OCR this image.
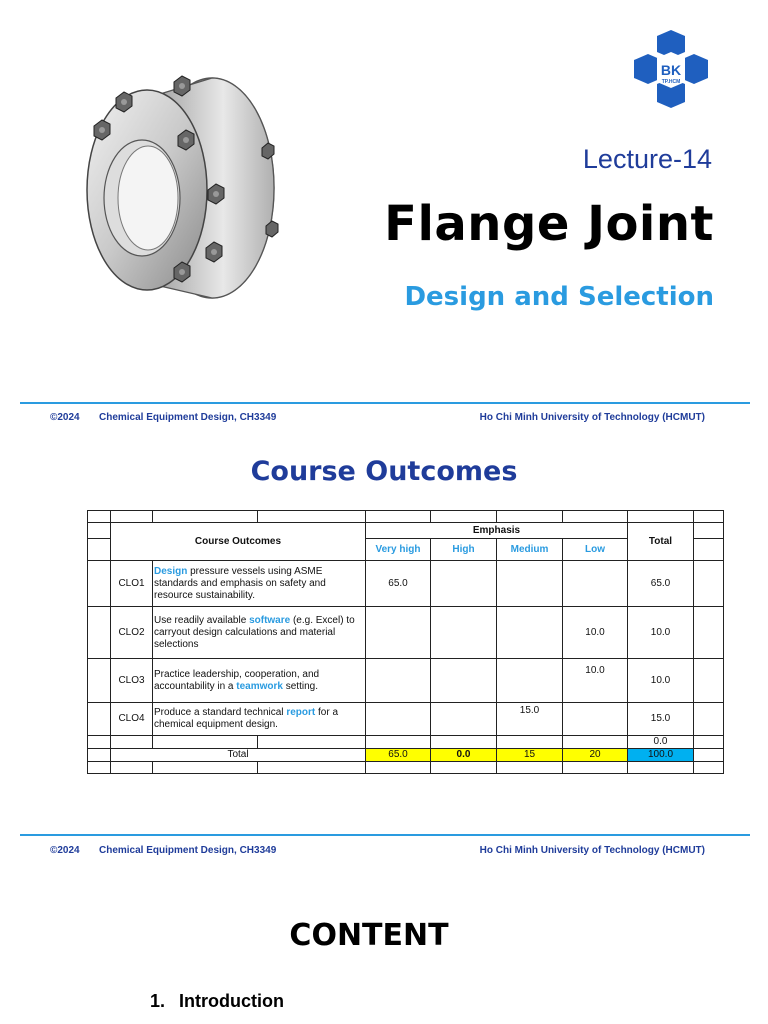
BK
TP.HCM
Lecture-14
Flange Joint
Design and Selection
©2024 Chemical Equipment Design, CH3349	Ho Chi Minh University of Technology (HCMUT)
Course Outcomes

	Course Outcomes			Emphasis				Total	
				Very high	High	Medium	Low		
	CLO1	Design pressure vessels using ASME standards and emphasis on safety and resource sustainability.		65.0				65.0	
	CLO2	Use readily available software (e.g. Excel) to carryout design calculations and material selections					10.0	10.0	
	CLO3	Practice leadership, cooperation, and accountability in a teamwork setting.					10.0	10.0	
	CLO4	Produce a standard technical report for a chemical equipment design.				15.0		15.0	
								0.0	
	Total			65.0	0.0	15	20	100.0	

©2024 Chemical Equipment Design, CH3349	Ho Chi Minh University of Technology (HCMUT)
CONTENT
1.  Introduction
